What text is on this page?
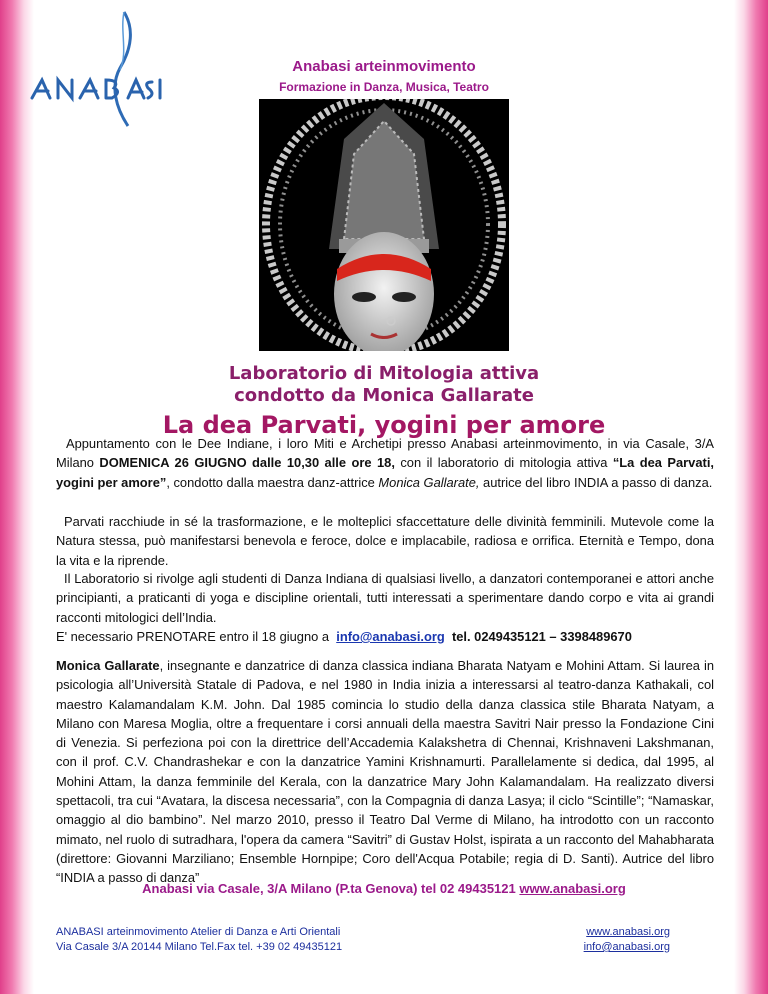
Anabasi arteinmovimento
Formazione in Danza, Musica, Teatro
Laboratorio di Mitologia attiva
condotto da Monica Gallarate
La dea Parvati, yogini per amore
Appuntamento con le Dee Indiane, i loro Miti e Archetipi presso Anabasi arteinmovimento, in via Casale, 3/A Milano DOMENICA 26 GIUGNO dalle 10,30 alle ore 18, con il laboratorio di mitologia attiva “La dea Parvati, yogini per amore”, condotto dalla maestra danz-attrice Monica Gallarate, autrice del libro INDIA a passo di danza.
Parvati racchiude in sé la trasformazione, e le molteplici sfaccettature delle divinità femminili. Mutevole come la Natura stessa, può manifestarsi benevola e feroce, dolce e implacabile, radiosa e orrifica. Eternità e Tempo, dona la vita e la riprende.
Il Laboratorio si rivolge agli studenti di Danza Indiana di qualsiasi livello, a danzatori contemporanei e attori anche principianti, a praticanti di yoga e discipline orientali, tutti interessati a sperimentare dando corpo e vita ai grandi racconti mitologici dell’India.
E' necessario PRENOTARE entro il 18 giugno a info@anabasi.org tel. 0249435121 – 3398489670
Monica Gallarate, insegnante e danzatrice di danza classica indiana Bharata Natyam e Mohini Attam. Si laurea in psicologia all’Università Statale di Padova, e nel 1980 in India inizia a interessarsi al teatro-danza Kathakali, col maestro Kalamandalam K.M. John. Dal 1985 comincia lo studio della danza classica stile Bharata Natyam, a Milano con Maresa Moglia, oltre a frequentare i corsi annuali della maestra Savitri Nair presso la Fondazione Cini di Venezia. Si perfeziona poi con la direttrice dell’Accademia Kalakshetra di Chennai, Krishnaveni Lakshmanan, con il prof. C.V. Chandrashekar e con la danzatrice Yamini Krishnamurti. Parallelamente si dedica, dal 1995, al Mohini Attam, la danza femminile del Kerala, con la danzatrice Mary John Kalamandalam. Ha realizzato diversi spettacoli, tra cui “Avatara, la discesa necessaria”, con la Compagnia di danza Lasya; il ciclo “Scintille”; “Namaskar, omaggio al dio bambino”. Nel marzo 2010, presso il Teatro Dal Verme di Milano, ha introdotto con un racconto mimato, nel ruolo di sutradhara, l'opera da camera “Savitri” di Gustav Holst, ispirata a un racconto del Mahabharata (direttore: Giovanni Marziliano; Ensemble Hornpipe; Coro dell'Acqua Potabile; regia di D. Santi). Autrice del libro “INDIA a passo di danza”
Anabasi via Casale, 3/A Milano (P.ta Genova) tel 02 49435121 www.anabasi.org
ANABASI arteinmovimento Atelier di Danza e Arti Orientali
Via Casale 3/A 20144 Milano Tel.Fax tel. +39 02 49435121
www.anabasi.org
info@anabasi.org
